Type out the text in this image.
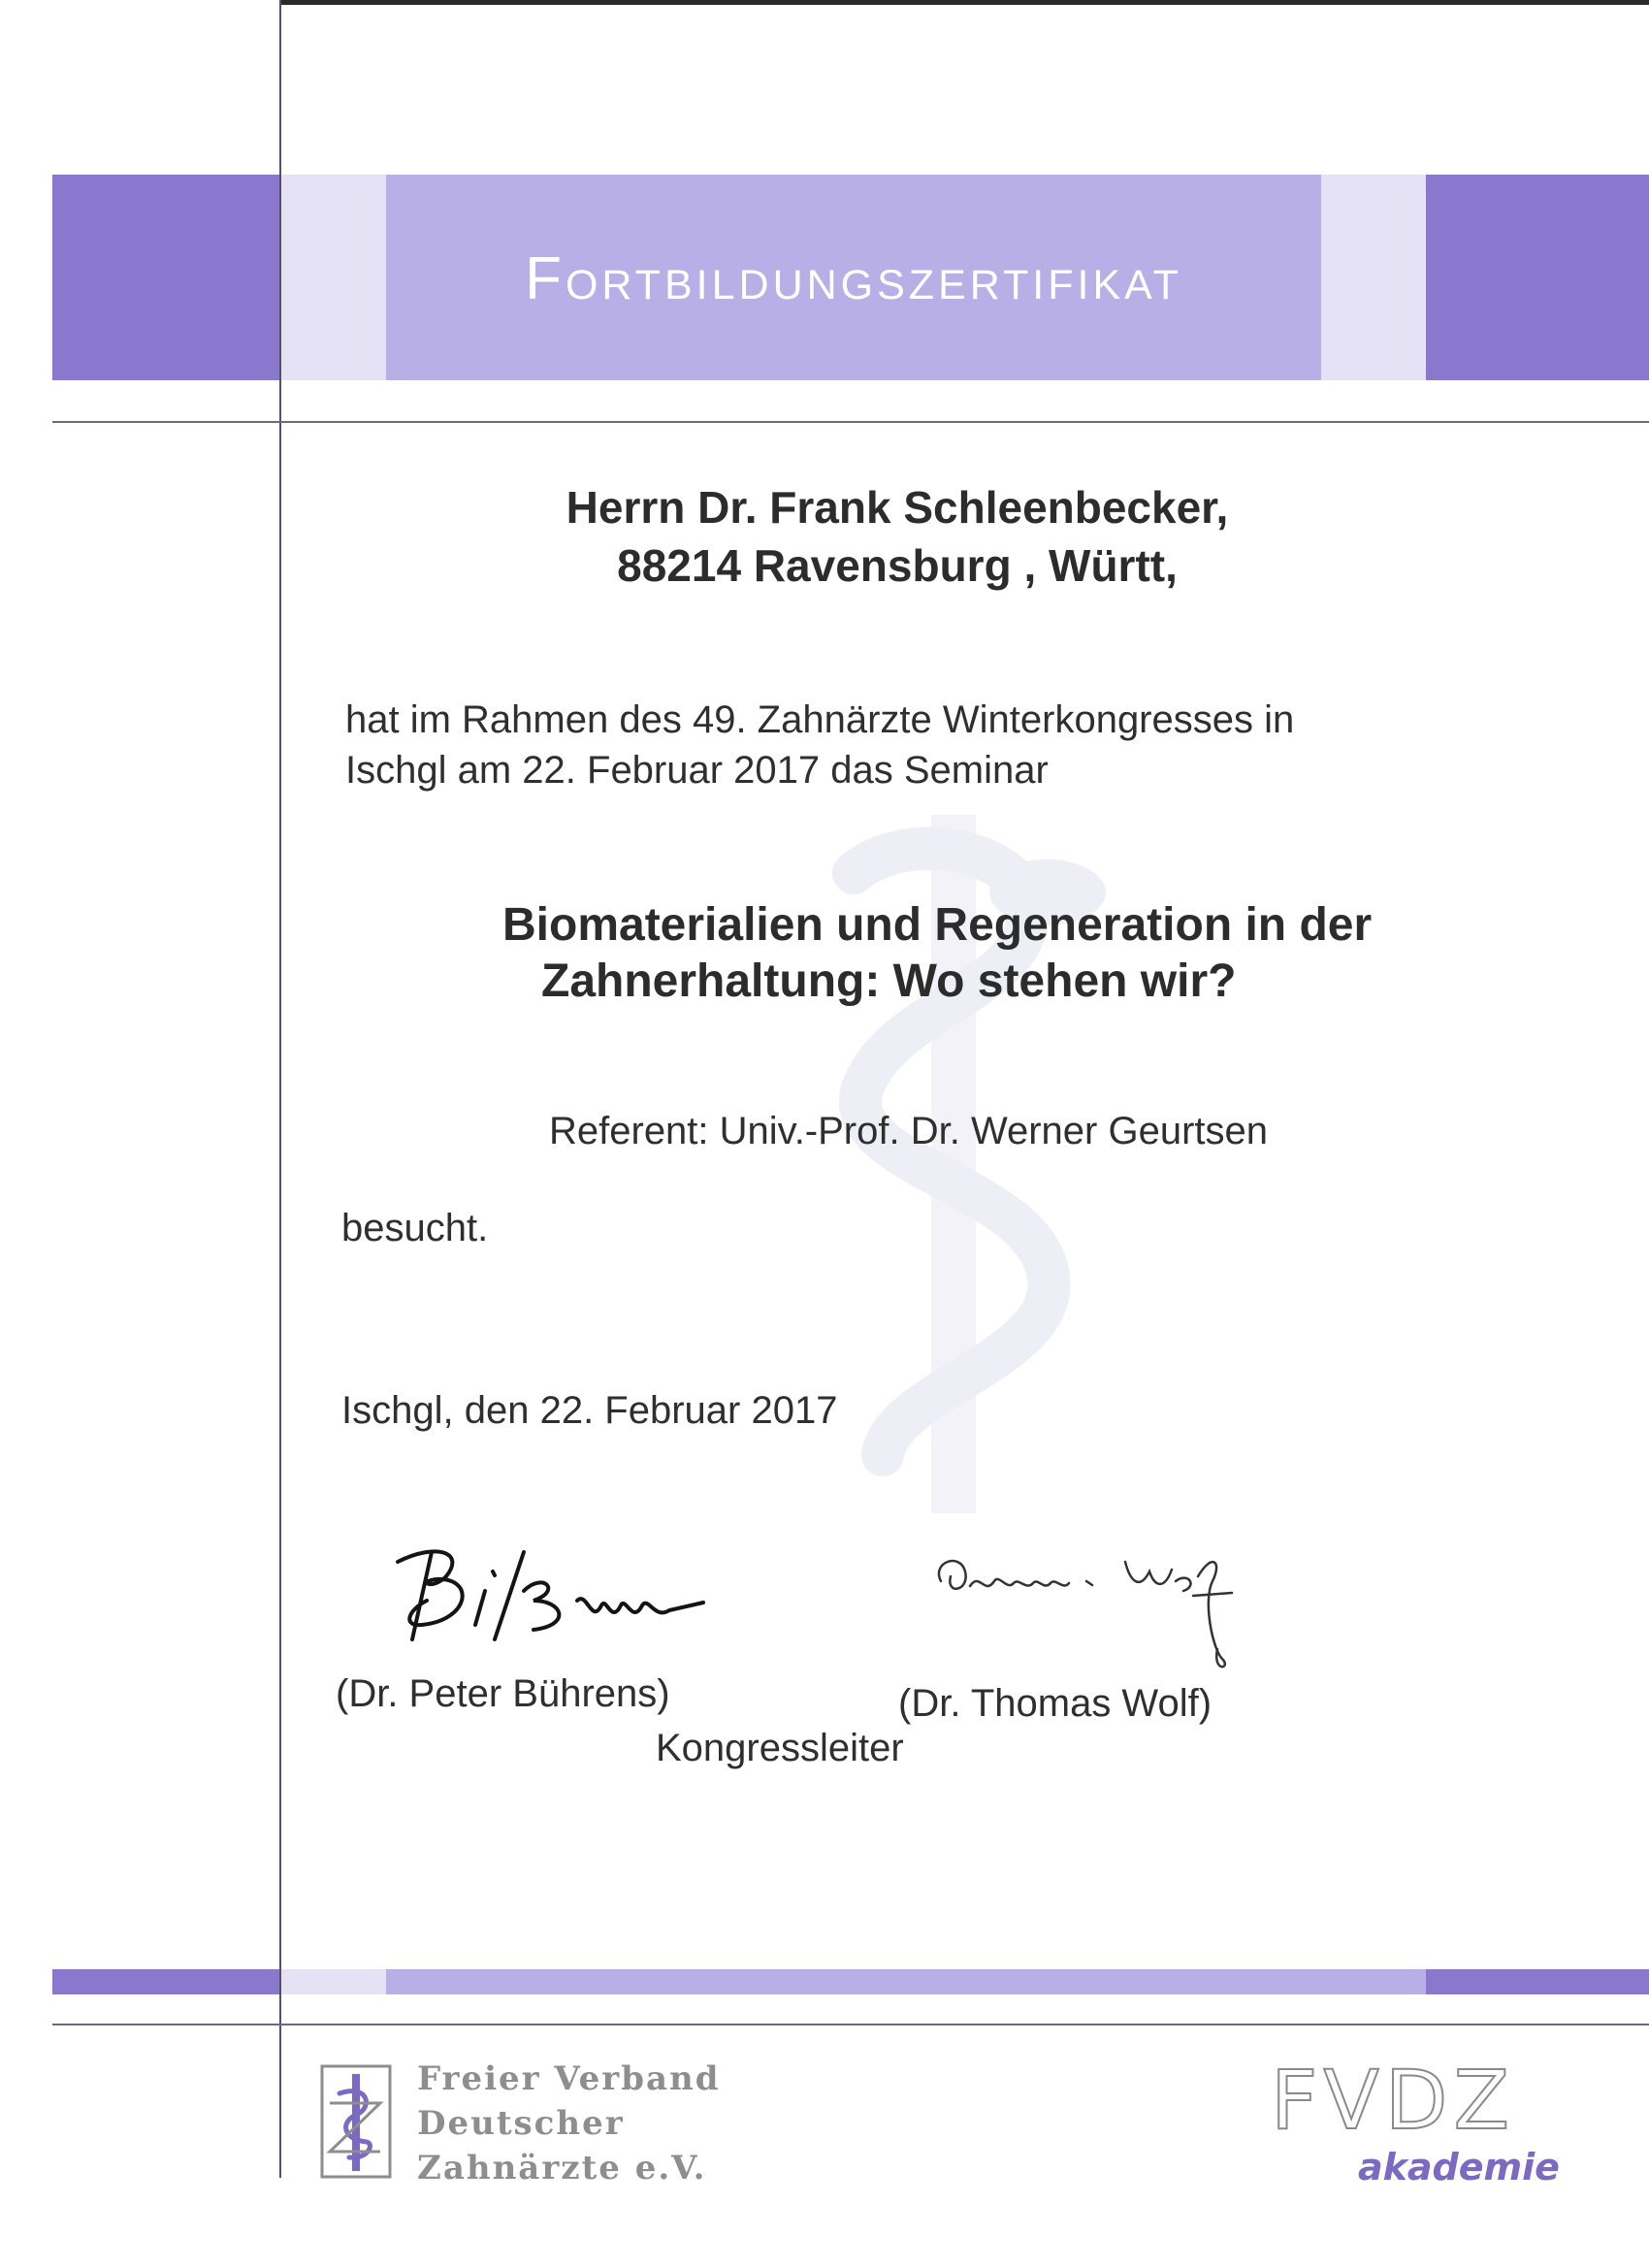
Fortbildungszertifikat
Herrn Dr. Frank Schleenbecker,
88214 Ravensburg , Württ,
hat im Rahmen des 49. Zahnärzte Winterkongresses in
Ischgl am 22. Februar 2017 das Seminar
Biomaterialien und Regeneration in der
Zahnerhaltung: Wo stehen wir?
Referent: Univ.-Prof. Dr. Werner Geurtsen
besucht.
Ischgl, den 22. Februar 2017
(Dr. Peter Bührens)	(Dr. Thomas Wolf)
Kongressleiter
Freier Verband
Deutscher
Zahnärzte e.V.
FVDZ
akademie
